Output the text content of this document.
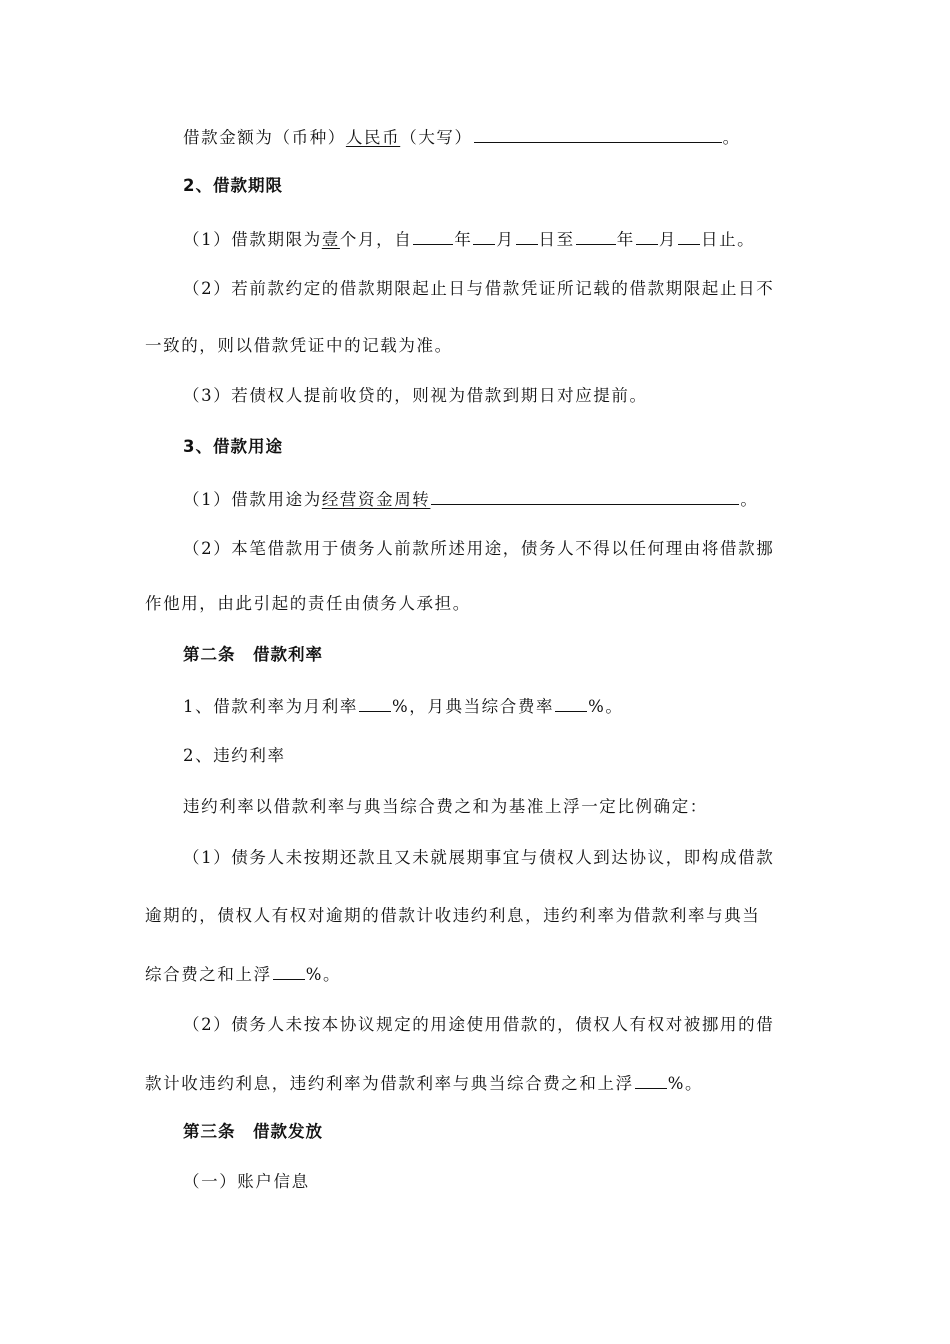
借款金额为（币种）人民币（大写）	。
2、借款期限
（1）借款期限为壹个月，自	年 月 日至	年 月 日止。
（2）若前款约定的借款期限起止日与借款凭证所记载的借款期限起止日不
一致的，则以借款凭证中的记载为准。
（3）若债权人提前收贷的，则视为借款到期日对应提前。
3、借款用途
（1）借款用途为经营资金周转	。
（2）本笔借款用于债务人前款所述用途，债务人不得以任何理由将借款挪
作他用，由此引起的责任由债务人承担。
第二条　借款利率
1、借款利率为月利率 %，月典当综合费率 %。
2、违约利率
违约利率以借款利率与典当综合费之和为基准上浮一定比例确定：
（1）债务人未按期还款且又未就展期事宜与债权人到达协议，即构成借款
逾期的，债权人有权对逾期的借款计收违约利息，违约利率为借款利率与典当
综合费之和上浮 %。
（2）债务人未按本协议规定的用途使用借款的，债权人有权对被挪用的借
款计收违约利息，违约利率为借款利率与典当综合费之和上浮 %。
第三条　借款发放
（一）账户信息
